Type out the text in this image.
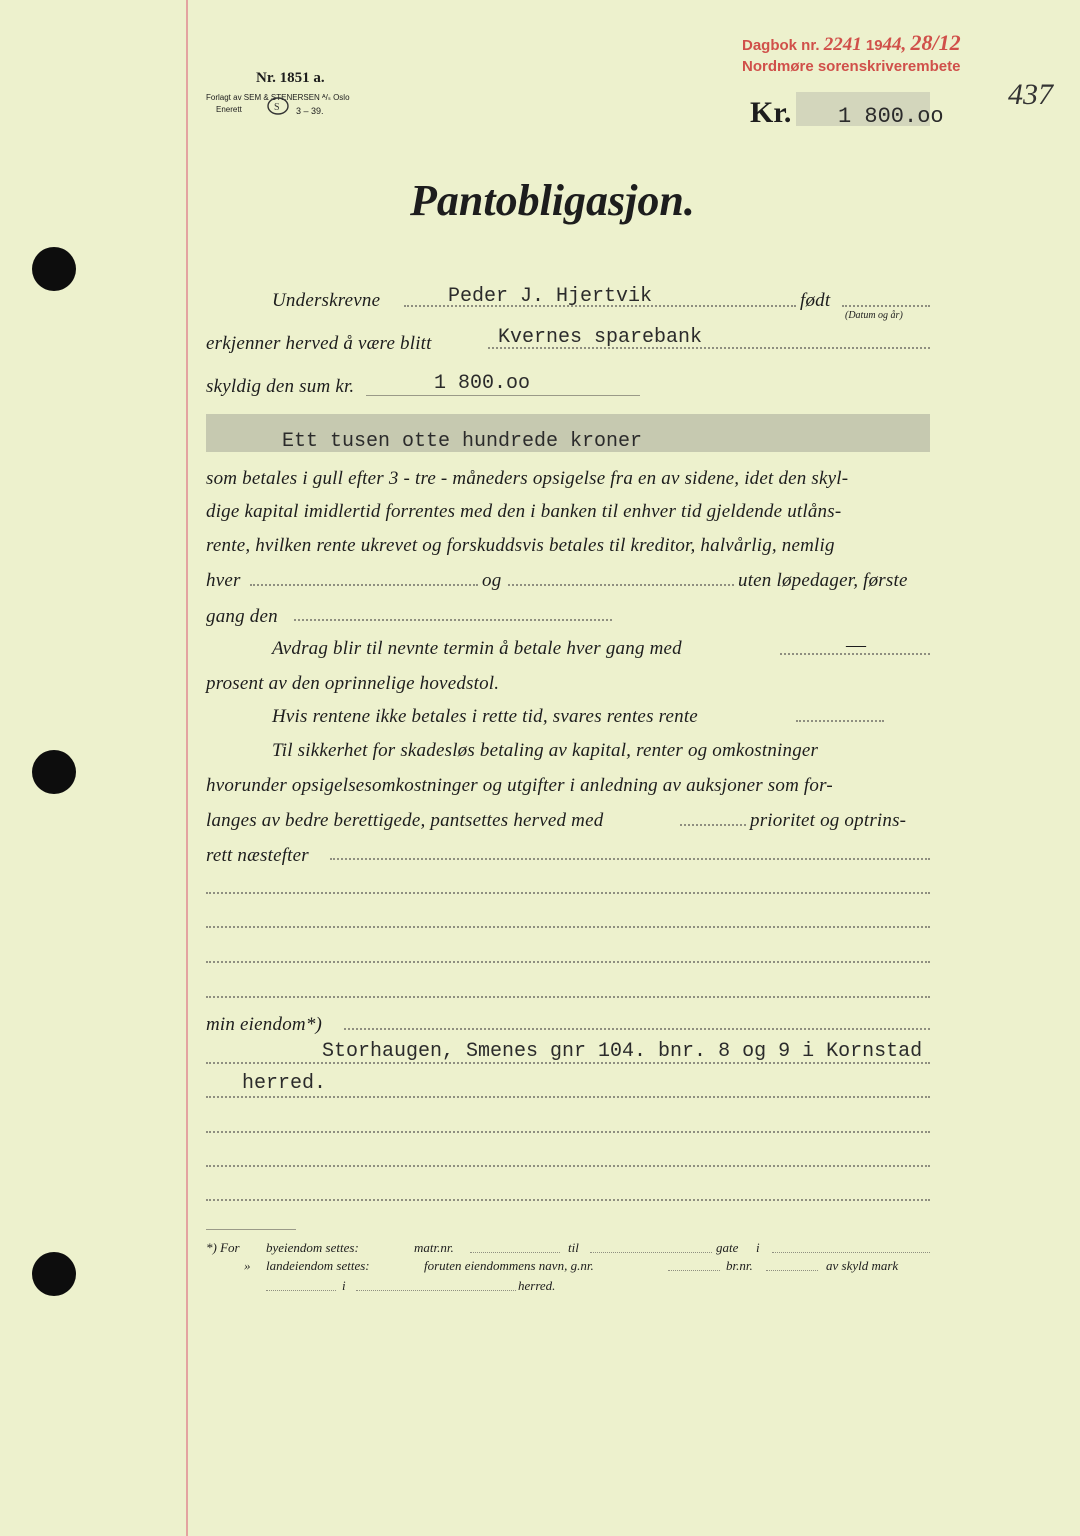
Nr. 1851 a.
Forlagt av SEM & STENERSEN ᴬ/ₛ Oslo
Enerett	S 3 – 39.
Dagbok nr. 2241 1944, 28/12
Nordmøre sorenskriverembete
437
Kr. 1 800.oo
Pantobligasjon.
Underskrevne	Peder J. Hjertvik	født
(Datum og år)
erkjenner herved å være blitt	Kvernes sparebank
skyldig den sum kr.	1 800.oo
Ett tusen otte hundrede kroner
som betales i gull efter 3 - tre - måneders opsigelse fra en av sidene, idet den skyl-
dige kapital imidlertid forrentes med den i banken til enhver tid gjeldende utlåns-
rente, hvilken rente ukrevet og forskuddsvis betales til kreditor, halvårlig, nemlig
hver	og	uten løpedager, første
gang den
Avdrag blir til nevnte termin å betale hver gang med	—
prosent av den oprinnelige hovedstol.
Hvis rentene ikke betales i rette tid, svares rentes rente
Til sikkerhet for skadesløs betaling av kapital, renter og omkostninger
hvorunder opsigelsesomkostninger og utgifter i anledning av auksjoner som for-
langes av bedre berettigede, pantsettes herved med	prioritet og optrins-
rett næstefter
min eiendom*)
Storhaugen, Smenes gnr 104. bnr. 8 og 9 i Kornstad
herred.
*) For byeiendom settes:	matr.nr.	til	gate i
» landeiendom settes:	foruten eiendommens navn, g.nr.	br.nr.	av skyld mark
i	herred.
